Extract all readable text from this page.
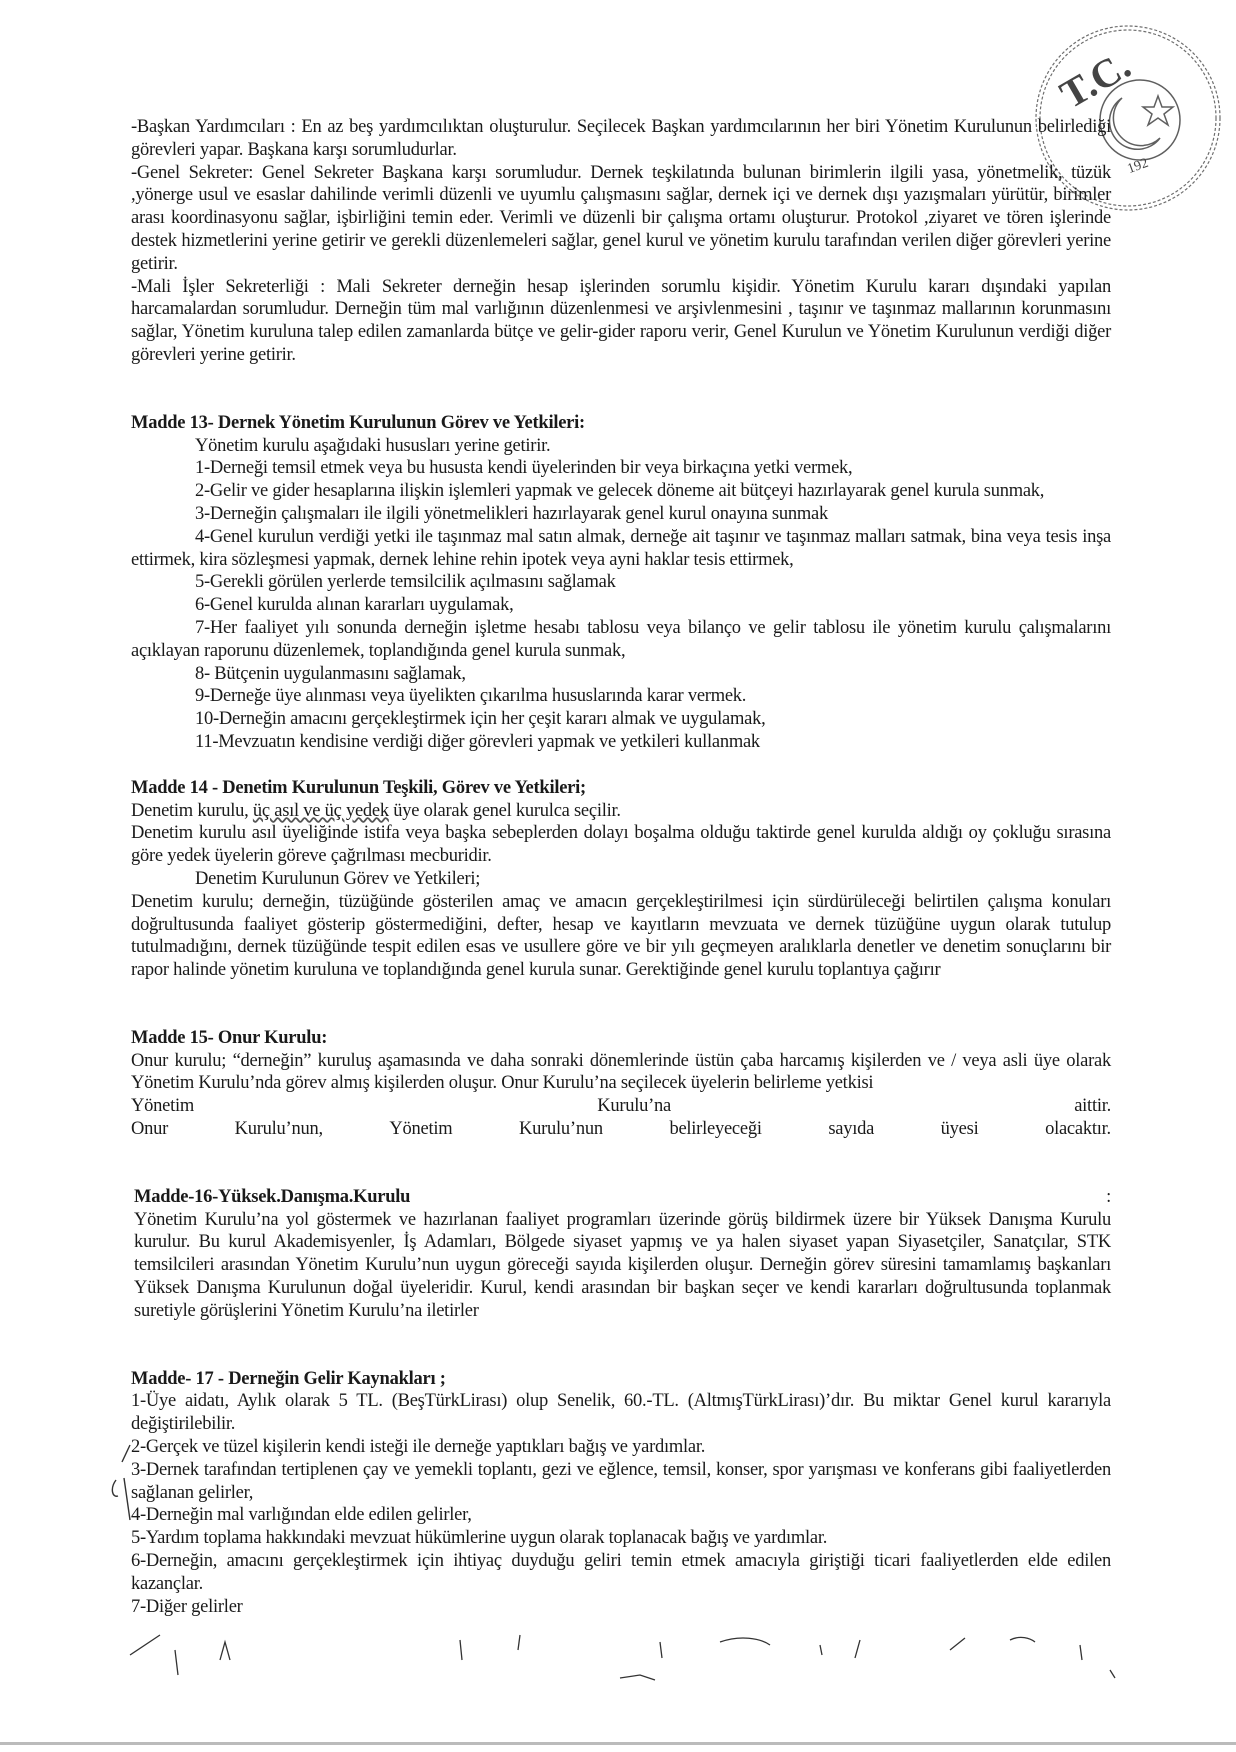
T.C.
192

-Başkan Yardımcıları : En az beş yardımcılıktan oluşturulur. Seçilecek Başkan yardımcılarının her biri Yönetim Kurulunun belirlediği görevleri yapar. Başkana karşı sorumludurlar.

-Genel Sekreter: Genel Sekreter Başkana karşı sorumludur. Dernek teşkilatında bulunan birimlerin ilgili yasa, yönetmelik, tüzük ,yönerge usul ve esaslar dahilinde verimli düzenli ve uyumlu çalışmasını sağlar, dernek içi ve dernek dışı yazışmaları yürütür, birimler arası koordinasyonu sağlar, işbirliğini temin eder. Verimli ve düzenli bir çalışma ortamı oluşturur. Protokol ,ziyaret ve tören işlerinde destek hizmetlerini yerine getirir ve gerekli düzenlemeleri sağlar, genel kurul ve yönetim kurulu tarafından verilen diğer görevleri yerine getirir.

-Mali İşler Sekreterliği : Mali Sekreter derneğin hesap işlerinden sorumlu kişidir. Yönetim Kurulu kararı dışındaki yapılan harcamalardan sorumludur. Derneğin tüm mal varlığının düzenlenmesi ve arşivlenmesini , taşınır ve taşınmaz mallarının korunmasını sağlar, Yönetim kuruluna talep edilen zamanlarda bütçe ve gelir-gider raporu verir, Genel Kurulun ve Yönetim Kurulunun verdiği diğer görevleri yerine getirir.

Madde 13- Dernek Yönetim Kurulunun Görev ve Yetkileri:

Yönetim kurulu aşağıdaki hususları yerine getirir.

1-Derneği temsil etmek veya bu hususta kendi üyelerinden bir veya birkaçına yetki vermek,

2-Gelir ve gider hesaplarına ilişkin işlemleri yapmak ve gelecek döneme ait bütçeyi hazırlayarak genel kurula sunmak,

3-Derneğin çalışmaları ile ilgili yönetmelikleri hazırlayarak genel kurul onayına sunmak

4-Genel kurulun verdiği yetki ile taşınmaz mal satın almak, derneğe ait taşınır ve taşınmaz malları satmak, bina veya tesis inşa ettirmek, kira sözleşmesi yapmak, dernek lehine rehin ipotek veya ayni haklar tesis ettirmek,

5-Gerekli görülen yerlerde temsilcilik açılmasını sağlamak

6-Genel kurulda alınan kararları uygulamak,

7-Her faaliyet yılı sonunda derneğin işletme hesabı tablosu veya bilanço ve gelir tablosu ile yönetim kurulu çalışmalarını açıklayan raporunu düzenlemek, toplandığında genel kurula sunmak,

8- Bütçenin uygulanmasını sağlamak,

9-Derneğe üye alınması veya üyelikten çıkarılma hususlarında karar vermek.

10-Derneğin amacını gerçekleştirmek için her çeşit kararı almak ve uygulamak,

11-Mevzuatın kendisine verdiği diğer görevleri yapmak ve yetkileri kullanmak

Madde 14 - Denetim Kurulunun Teşkili, Görev ve Yetkileri;

Denetim kurulu, üç asıl ve üç yedek üye olarak genel kurulca seçilir.

Denetim kurulu asıl üyeliğinde istifa veya başka sebeplerden dolayı boşalma olduğu taktirde genel kurulda aldığı oy çokluğu sırasına göre yedek üyelerin göreve çağrılması mecburidir.

Denetim Kurulunun Görev ve Yetkileri;

Denetim kurulu; derneğin, tüzüğünde gösterilen amaç ve amacın gerçekleştirilmesi için sürdürüleceği belirtilen çalışma konuları doğrultusunda faaliyet gösterip göstermediğini, defter, hesap ve kayıtların mevzuata ve dernek tüzüğüne uygun olarak tutulup tutulmadığını, dernek tüzüğünde tespit edilen esas ve usullere göre ve bir yılı geçmeyen aralıklarla denetler ve denetim sonuçlarını bir rapor halinde yönetim kuruluna ve toplandığında genel kurula sunar. Gerektiğinde genel kurulu toplantıya çağırır

Madde 15- Onur Kurulu:

Onur kurulu; “derneğin” kuruluş aşamasında ve daha sonraki dönemlerinde üstün çaba harcamış kişilerden ve / veya asli üye olarak Yönetim Kurulu’nda görev almış kişilerden oluşur. Onur Kurulu’na seçilecek üyelerin belirleme yetkisi

Yönetim	Kurulu’na	aittir.
Onur	Kurulu’nun,	Yönetim	Kurulu’nun	belirleyeceği	sayıda	üyesi	olacaktır.

Madde-16-Yüksek.Danışma.Kurulu	:

Yönetim Kurulu’na yol göstermek ve hazırlanan faaliyet programları üzerinde görüş bildirmek üzere bir Yüksek Danışma Kurulu kurulur. Bu kurul Akademisyenler, İş Adamları, Bölgede siyaset yapmış ve ya halen siyaset yapan Siyasetçiler, Sanatçılar, STK temsilcileri arasından Yönetim Kurulu’nun uygun göreceği sayıda kişilerden oluşur. Derneğin görev süresini tamamlamış başkanları Yüksek Danışma Kurulunun doğal üyeleridir. Kurul, kendi arasından bir başkan seçer ve kendi kararları doğrultusunda toplanmak suretiyle görüşlerini Yönetim Kurulu’na iletirler

Madde- 17 - Derneğin Gelir Kaynakları ;

1-Üye aidatı, Aylık olarak 5 TL. (BeşTürkLirası) olup Senelik, 60.-TL. (AltmışTürkLirası)’dır. Bu miktar Genel kurul kararıyla değiştirilebilir.

2-Gerçek ve tüzel kişilerin kendi isteği ile derneğe yaptıkları bağış ve yardımlar.

3-Dernek tarafından tertiplenen çay ve yemekli toplantı, gezi ve eğlence, temsil, konser, spor yarışması ve konferans gibi faaliyetlerden sağlanan gelirler,

4-Derneğin mal varlığından elde edilen gelirler,

5-Yardım toplama hakkındaki mevzuat hükümlerine uygun olarak toplanacak bağış ve yardımlar.

6-Derneğin, amacını gerçekleştirmek için ihtiyaç duyduğu geliri temin etmek amacıyla giriştiği ticari faaliyetlerden elde edilen kazançlar.

7-Diğer gelirler
